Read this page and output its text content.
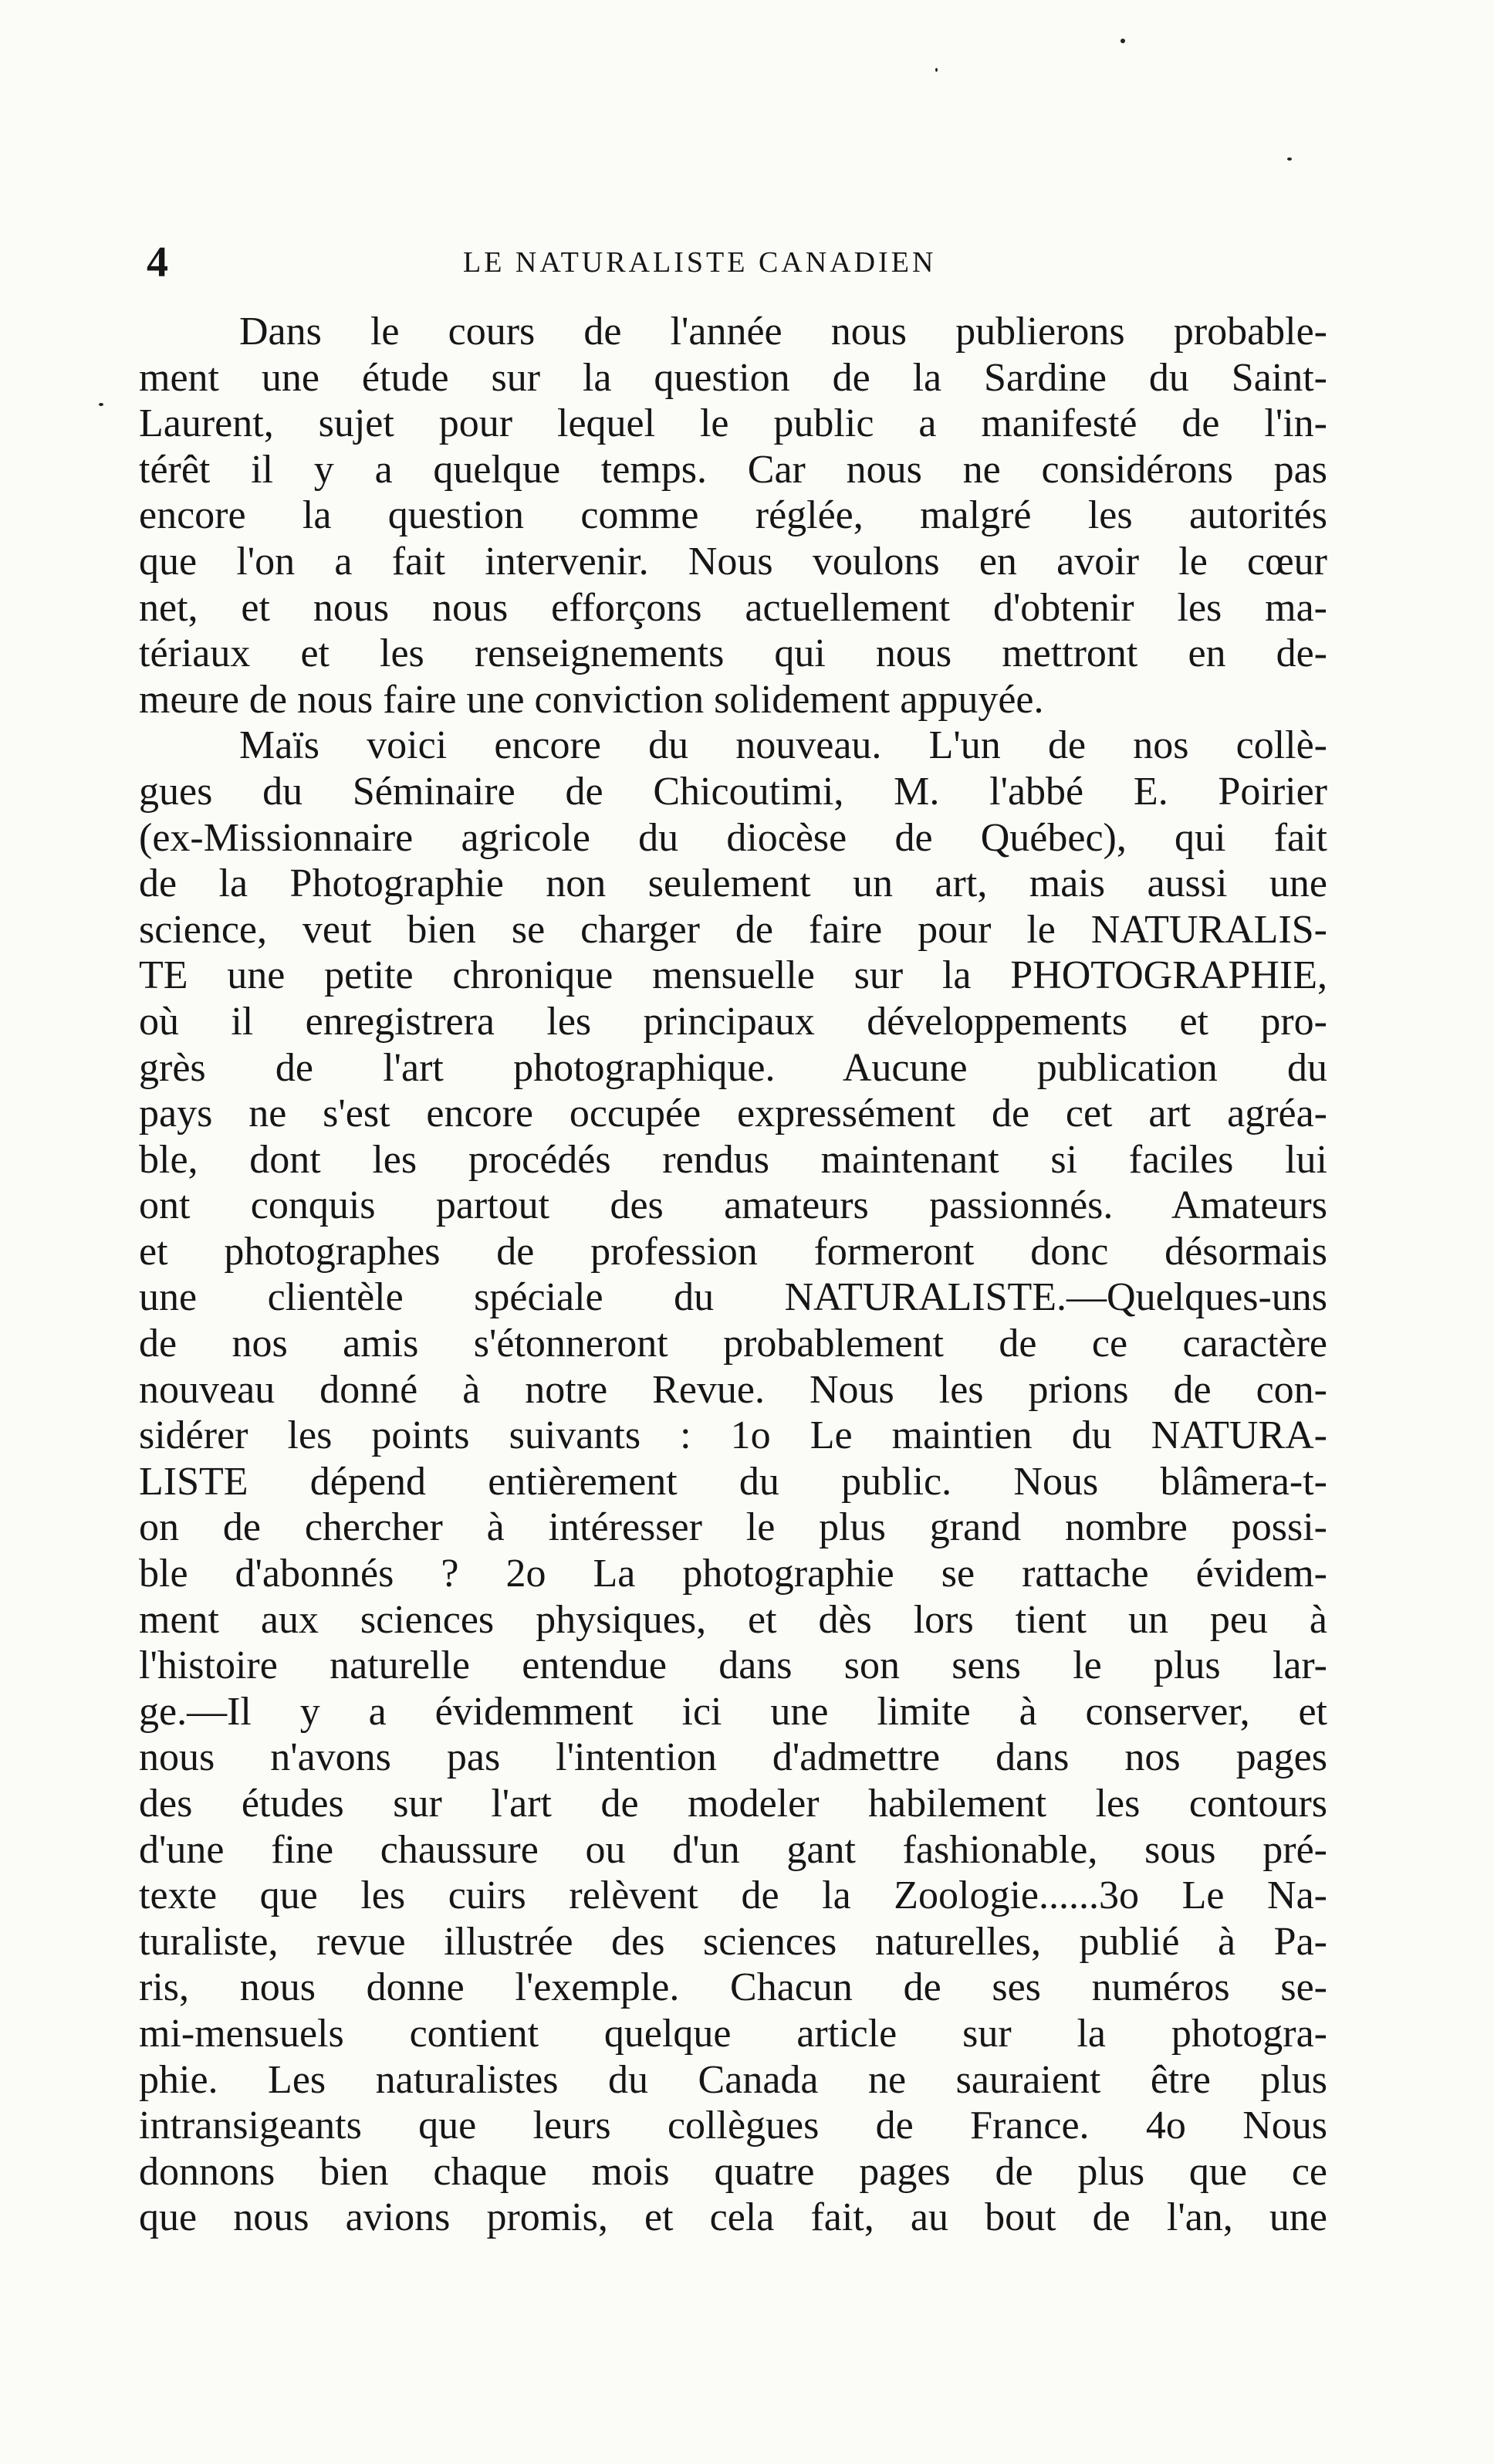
4	LE NATURALISTE CANADIEN
Dans le cours de l'année nous publierons probable-
ment une étude sur la question de la Sardine du Saint-
Laurent, sujet pour lequel le public a manifesté de l'in-
térêt il y a quelque temps. Car nous ne considérons pas
encore la question comme réglée, malgré les autorités
que l'on a fait intervenir. Nous voulons en avoir le cœur
net, et nous nous efforçons actuellement d'obtenir les ma-
tériaux et les renseignements qui nous mettront en de-
meure de nous faire une conviction solidement appuyée.
Maïs voici encore du nouveau. L'un de nos collè-
gues du Séminaire de Chicoutimi, M. l'abbé E. Poirier
(ex-Missionnaire agricole du diocèse de Québec), qui fait
de la Photographie non seulement un art, mais aussi une
science, veut bien se charger de faire pour le NATURALIS-
TE une petite chronique mensuelle sur la PHOTOGRAPHIE,
où il enregistrera les principaux développements et pro-
grès de l'art photographique. Aucune publication du
pays ne s'est encore occupée expressément de cet art agréa-
ble, dont les procédés rendus maintenant si faciles lui
ont conquis partout des amateurs passionnés. Amateurs
et photographes de profession formeront donc désormais
une clientèle spéciale du NATURALISTE.—Quelques-uns
de nos amis s'étonneront probablement de ce caractère
nouveau donné à notre Revue. Nous les prions de con-
sidérer les points suivants : 1o Le maintien du NATURA-
LISTE dépend entièrement du public. Nous blâmera-t-
on de chercher à intéresser le plus grand nombre possi-
ble d'abonnés ? 2o La photographie se rattache évidem-
ment aux sciences physiques, et dès lors tient un peu à
l'histoire naturelle entendue dans son sens le plus lar-
ge.—Il y a évidemment ici une limite à conserver, et
nous n'avons pas l'intention d'admettre dans nos pages
des études sur l'art de modeler habilement les contours
d'une fine chaussure ou d'un gant fashionable, sous pré-
texte que les cuirs relèvent de la Zoologie......3o Le Na-
turaliste, revue illustrée des sciences naturelles, publié à Pa-
ris, nous donne l'exemple. Chacun de ses numéros se-
mi-mensuels contient quelque article sur la photogra-
phie. Les naturalistes du Canada ne sauraient être plus
intransigeants que leurs collègues de France. 4o Nous
donnons bien chaque mois quatre pages de plus que ce
que nous avions promis, et cela fait, au bout de l'an, une
